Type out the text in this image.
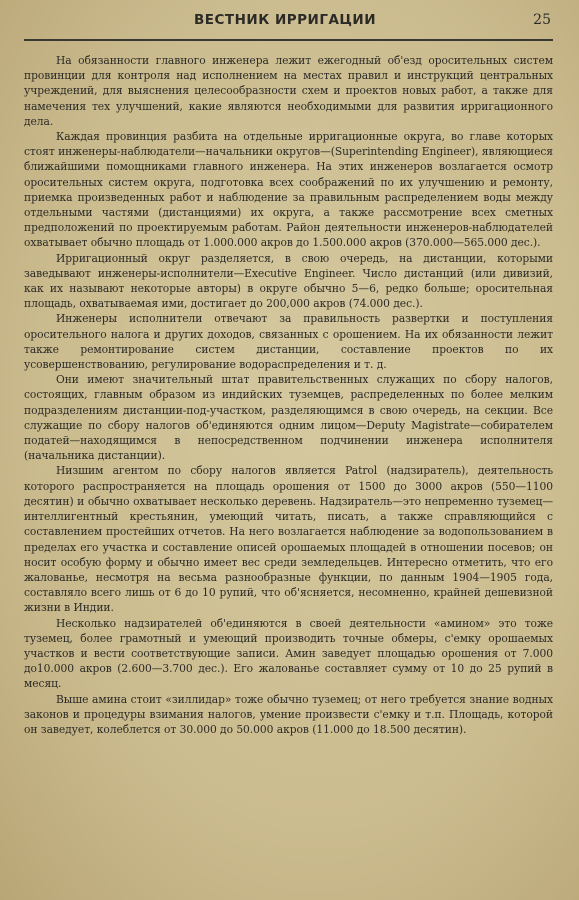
ВЕСТНИК ИРРИГАЦИИ	25

На обязанности главного инженера лежит ежегодный об'езд оросительных систем провинции для контроля над исполнением на местах правил и инструкций центральных учреждений, для выяснения целесообразности схем и проектов новых работ, а также для намечения тех улучшений, какие являются необходимыми для развития ирригационного дела.

Каждая провинция разбита на отдельные ирригационные округа, во главе которых стоят инженеры-наблюдатели—начальники округов—(Superintending Engineer), являющиеся ближайшими помощниками главного инженера. На этих инженеров возлагается осмотр оросительных систем округа, подготовка всех соображений по их улучшению и ремонту, приемка произведенных работ и наблюдение за правильным распределением воды между отдельными частями (дистанциями) их округа, а также рассмотрение всех сметных предположений по проектируемым работам. Район деятельности инженеров-наблюдателей охватывает обычно площадь от 1.000.000 акров до 1.500.000 акров (370.000—565.000 дес.).

Ирригационный округ разделяется, в свою очередь, на дистанции, которыми заведывают инженеры-исполнители—Executive Engineer. Число дистанций (или дивизий, как их называют некоторые авторы) в округе обычно 5—6, редко больше; оросительная площадь, охватываемая ими, достигает до 200,000 акров (74.000 дес.).

Инженеры исполнители отвечают за правильность развертки и поступления оросительного налога и других доходов, связанных с орошением. На их обязанности лежит также ремонтирование систем дистанции, составление проектов по их усовершенствованию, регулирование водораспределения и т. д.

Они имеют значительный штат правительственных служащих по сбору налогов, состоящих, главным образом из индийских туземцев, распределенных по более мелким подразделениям дистанции-под-участком, разделяющимся в свою очередь, на секции. Все служащие по сбору налогов об'единяются одним лицом—Deputy Magistrate—собирателем податей—находящимся в непосредственном подчинении инженера исполнителя (начальника дистанции).

Низшим агентом по сбору налогов является Patrol (надзиратель), деятельность которого распространяется на площадь орошения от 1500 до 3000 акров (550—1100 десятин) и обычно охватывает несколько деревень. Надзиратель—это непременно туземец—интеллигентный крестьянин, умеющий читать, писать, а также справляющийся с составлением простейших отчетов. На него возлагается наблюдение за водопользованием в пределах его участка и составление описей орошаемых площадей в отношении посевов; он носит особую форму и обычно имеет вес среди земледельцев. Интересно отметить, что его жалованье, несмотря на весьма разнообразные функции, по данным 1904—1905 года, составляло всего лишь от 6 до 10 рупий, что об'ясняется, несомненно, крайней дешевизной жизни в Индии.

Несколько надзирателей об'единяются в своей деятельности «амином» это тоже туземец, более грамотный и умеющий производить точные обмеры, с'емку орошаемых участков и вести соответствующие записи. Амин заведует площадью орошения от 7.000 до10.000 акров (2.600—3.700 дес.). Его жалованье составляет сумму от 10 до 25 рупий в месяц.

Выше амина стоит «зиллидар» тоже обычно туземец; от него требуется знание водных законов и процедуры взимания налогов, умение произвести с'емку и т.п. Площадь, которой он заведует, колеблется от 30.000 до 50.000 акров (11.000 до 18.500 десятин).
